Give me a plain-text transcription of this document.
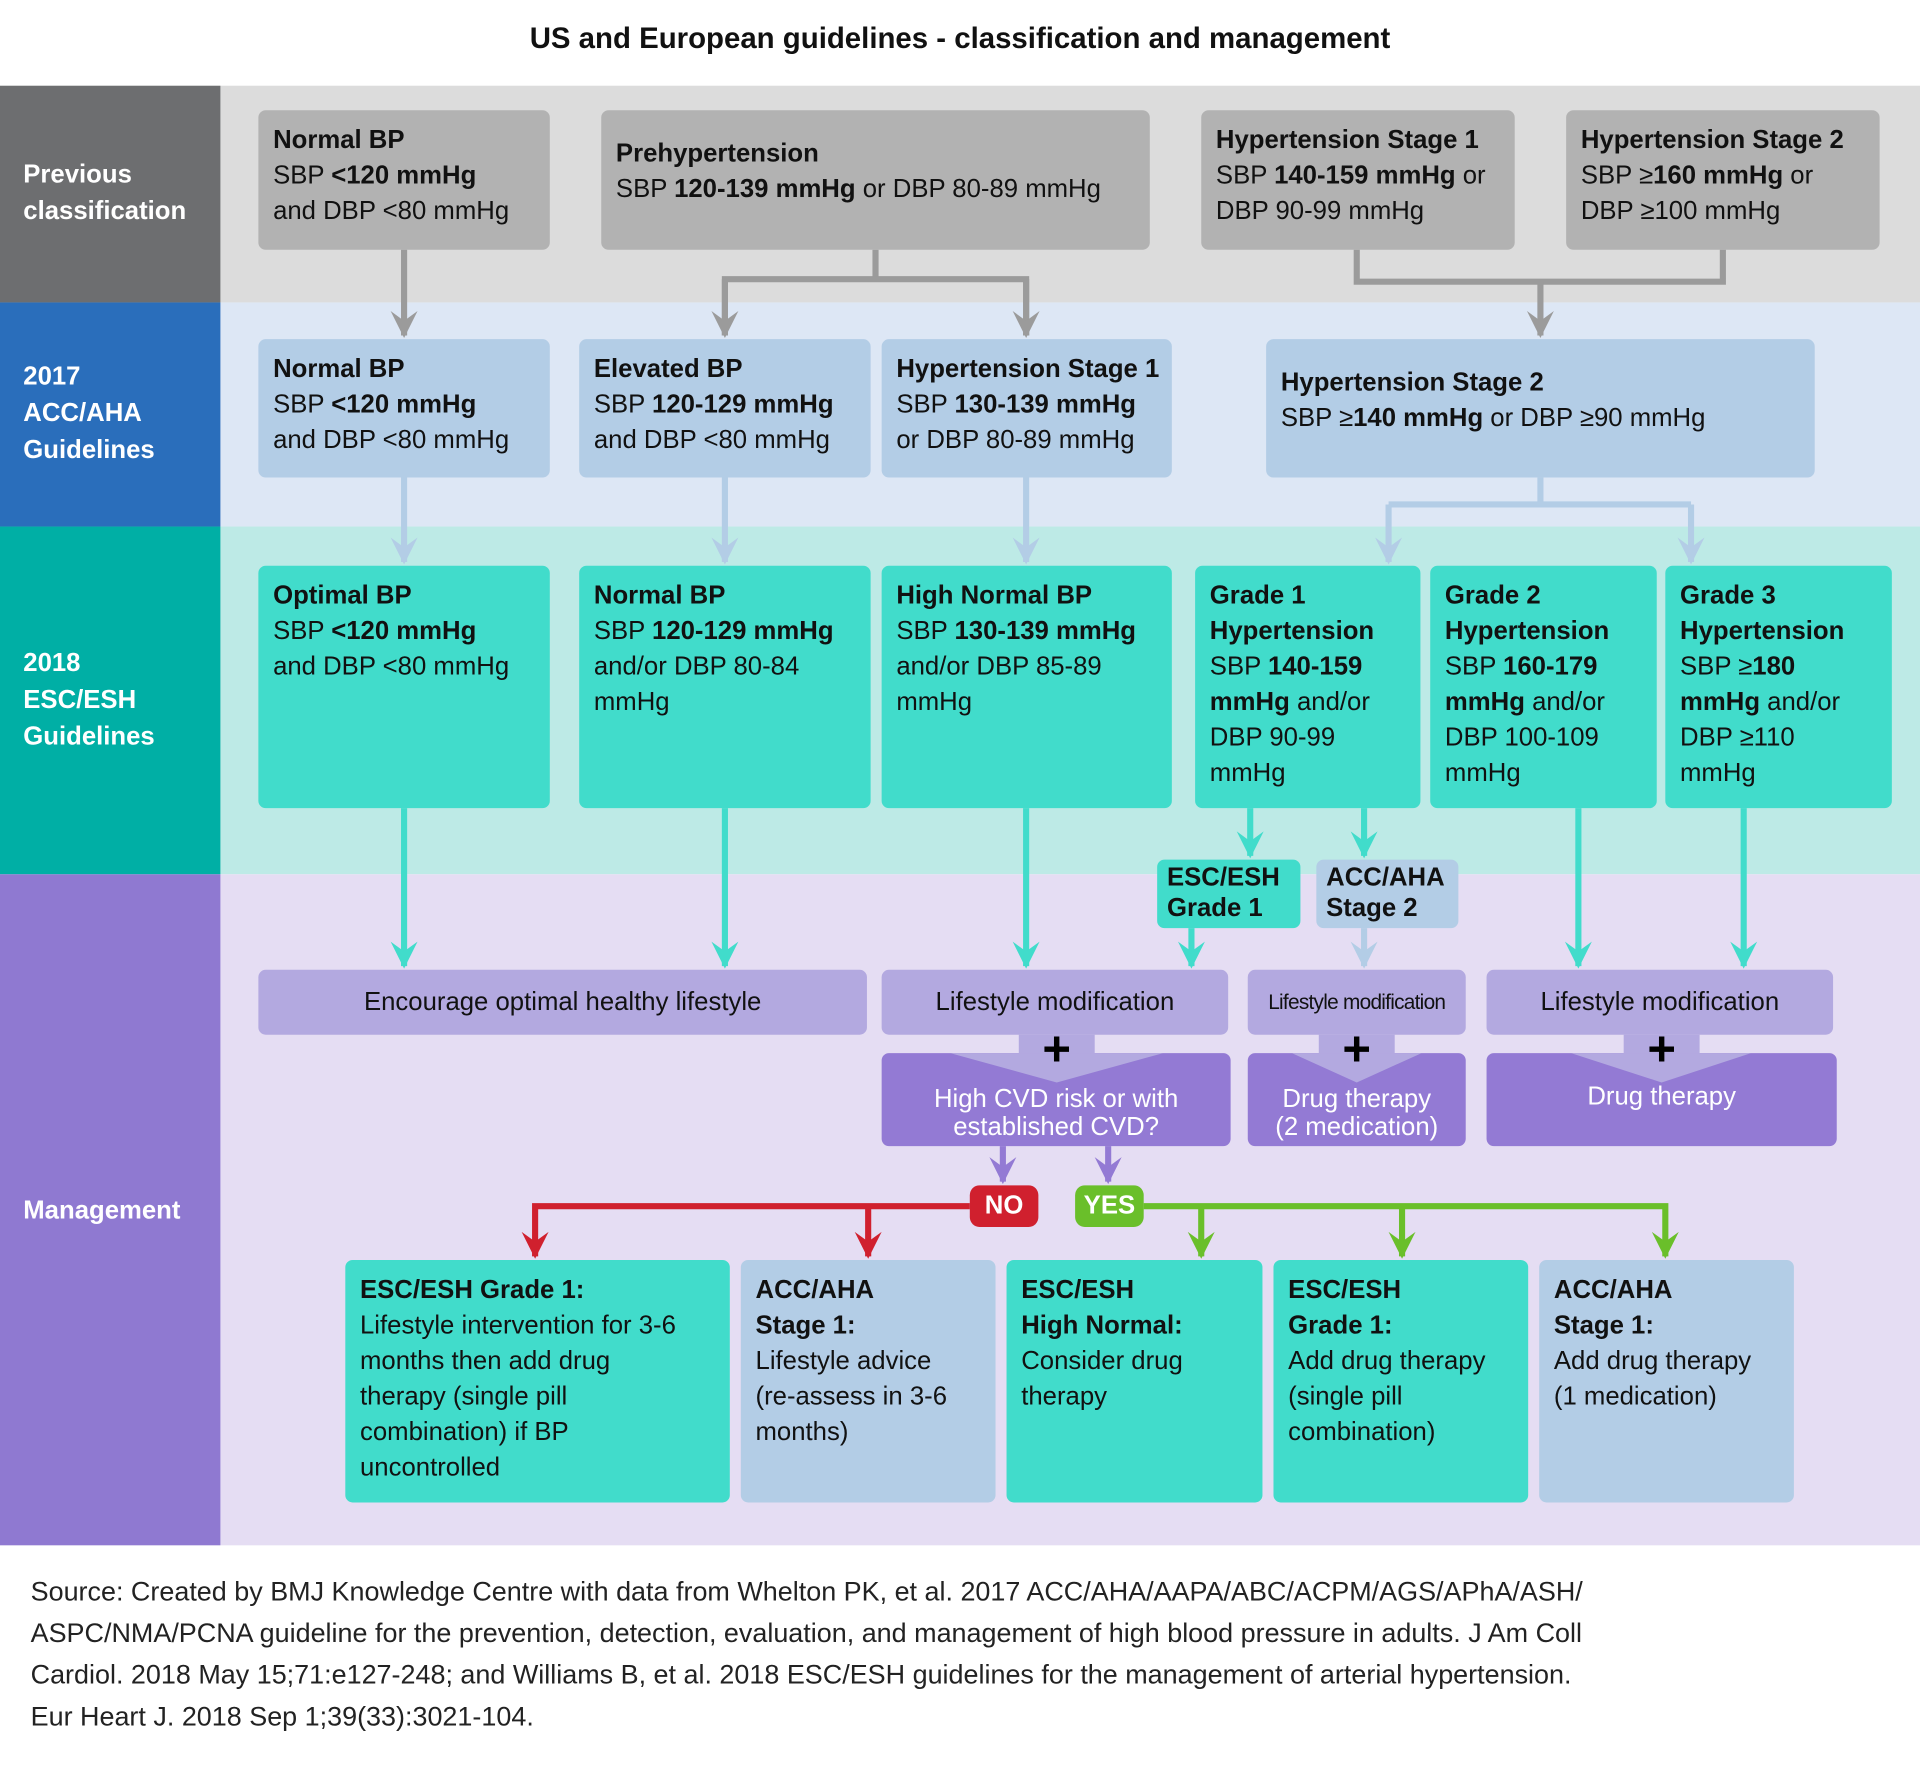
US and European guidelines - classification and management
Previous
classification
2017
ACC/AHA
Guidelines
2018
ESC/ESH
Guidelines
Management
Normal BP
SBP <120 mmHg
and DBP <80 mmHg
Prehypertension
SBP 120-139 mmHg or DBP 80-89 mmHg
Hypertension Stage 1
SBP 140-159 mmHg or
DBP 90-99 mmHg
Hypertension Stage 2
SBP ≥160 mmHg or
DBP ≥100 mmHg
Normal BP
SBP <120 mmHg
and DBP <80 mmHg
Elevated BP
SBP 120-129 mmHg
and DBP <80 mmHg
Hypertension Stage 1
SBP 130-139 mmHg
or DBP 80-89 mmHg
Hypertension Stage 2
SBP ≥140 mmHg or DBP ≥90 mmHg
Optimal BP
SBP <120 mmHg
and DBP <80 mmHg
Normal BP
SBP 120-129 mmHg
and/or DBP 80-84
mmHg
High Normal BP
SBP 130-139 mmHg
and/or DBP 85-89
mmHg
Grade 1
Hypertension
SBP 140-159
mmHg and/or
DBP 90-99
mmHg
Grade 2
Hypertension
SBP 160-179
mmHg and/or
DBP 100-109
mmHg
Grade 3
Hypertension
SBP ≥180
mmHg and/or
DBP ≥110
mmHg
ESC/ESH
Grade 1
ACC/AHA
Stage 2
Encourage optimal healthy lifestyle	Lifestyle modification	Lifestyle modification	Lifestyle modification
High CVD risk or with
established CVD?
Drug therapy
(2 medication)
Drug therapy
+	+	+
NO	YES
ESC/ESH Grade 1:
Lifestyle intervention for 3-6
months then add drug
therapy (single pill
combination) if BP
uncontrolled
ACC/AHA
Stage 1:
Lifestyle advice
(re-assess in 3-6
months)
ESC/ESH
High Normal:
Consider drug
therapy
ESC/ESH
Grade 1:
Add drug therapy
(single pill
combination)
ACC/AHA
Stage 1:
Add drug therapy
(1 medication)
Source: Created by BMJ Knowledge Centre with data from Whelton PK, et al. 2017 ACC/AHA/AAPA/ABC/ACPM/AGS/APhA/ASH/
ASPC/NMA/PCNA guideline for the prevention, detection, evaluation, and management of high blood pressure in adults. J Am Coll
Cardiol. 2018 May 15;71:e127-248; and Williams B, et al. 2018 ESC/ESH guidelines for the management of arterial hypertension.
Eur Heart J. 2018 Sep 1;39(33):3021-104.
